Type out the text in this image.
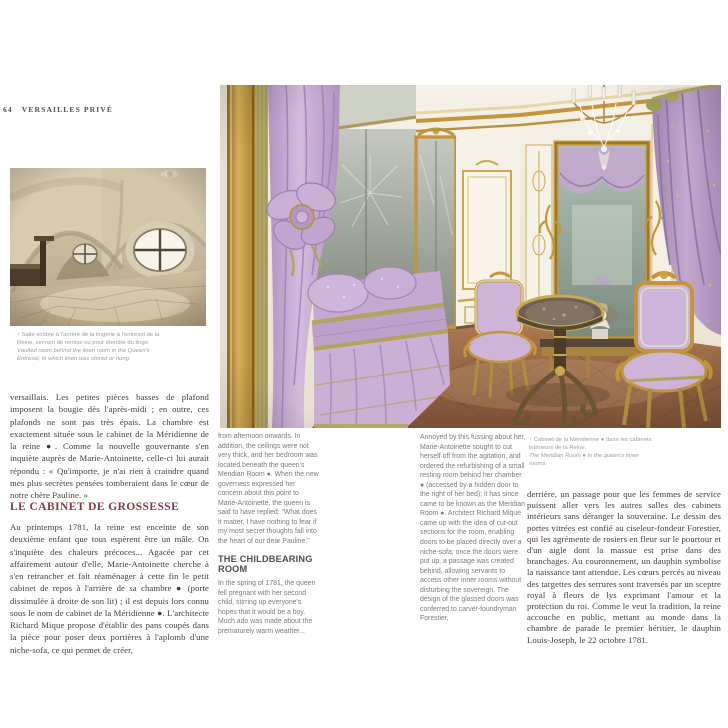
64 VERSAILLES PRIVÉ
↑ Salle voûtée à l'arrière de la lingerie à l'entresol de la Reine, servant de remise ou pour étendre du linge.
Vaulted room behind the linen room in the Queen's Entresol, in which linen was stored or hung.
↑ Cabinet de la Méridienne ● dans les cabinets intérieurs de la Reine.
The Meridian Room ● in the queen's inner rooms.
versaillais. Les petites pièces basses de plafond imposent la bougie dès l'après-midi ; en outre, ces plafonds ne sont pas très épais. La chambre est exactement située sous le cabinet de la Méridienne de la reine ●. Comme la nouvelle gouvernante s'en inquiète auprès de Marie-Antoinette, celle-ci lui aurait répondu : « Qu'importe, je n'ai rien à craindre quand mes plus secrètes pensées tomberaient dans le cœur de notre chère Pauline. »
LE CABINET DE GROSSESSE
Au printemps 1781, la reine est enceinte de son deuxième enfant que tous espèrent être un mâle. On s'inquiète des chaleurs précoces... Agacée par cet affairement autour d'elle, Marie-Antoinette cherche à s'en retrancher et fait réaménager à cette fin le petit cabinet de repos à l'arrière de sa chambre ● (porte dissimulée à droite de son lit) ; il est depuis lors connu sous le nom de cabinet de la Méridienne ●. L'architecte Richard Mique propose d'établir des pans coupés dans la pièce pour poser deux portières à l'aplomb d'une niche-sofa, ce qui permet de créer,
from afternoon onwards. In addition, the ceilings were not very thick, and her bedroom was located beneath the queen's Meridian Room ●. When the new governess expressed her concern about this point to Marie-Antoinette, the queen is said to have replied: “What does it matter, I have nothing to fear if my most secret thoughts fall into the heart of our dear Pauline.”
THE CHILDBEARING ROOM
In the spring of 1781, the queen fell pregnant with her second child, stirring up everyone's hopes that it would be a boy. Much ado was made about the prematurely warm weather...
Annoyed by this fussing about her, Marie-Antoinette sought to cut herself off from the agitation, and ordered the refurbishing of a small resting room behind her chamber ● (accessed by a hidden door to the right of her bed); it has since came to be known as the Meridian Room ●. Architect Richard Mique came up with the idea of cut-out sections for the room, enabling doors to be placed directly over a niche-sofa; once the doors were put up, a passage was created behind, allowing servants to access other inner rooms without disturbing the sovereign. The design of the glassed doors was conferred to carver-foundryman Forestier,
derrière, un passage pour que les femmes de service puissent aller vers les autres salles des cabinets intérieurs sans déranger la souveraine. Le dessin des portes vitrées est confié au ciseleur-fondeur Forestier, qui les agrémente de rosiers en fleur sur le pourtour et d'un aigle dont la massue est prise dans des branchages. Au couronnement, un dauphin symbolise la naissance tant attendue. Les cœurs percés au niveau des targettes des serrures sont traversés par un sceptre royal à fleurs de lys exprimant l'amour et la protection du roi. Comme le veut la tradition, la reine accouche en public, mettant au monde dans la chambre de parade le premier héritier, le dauphin Louis-Joseph, le 22 octobre 1781.
